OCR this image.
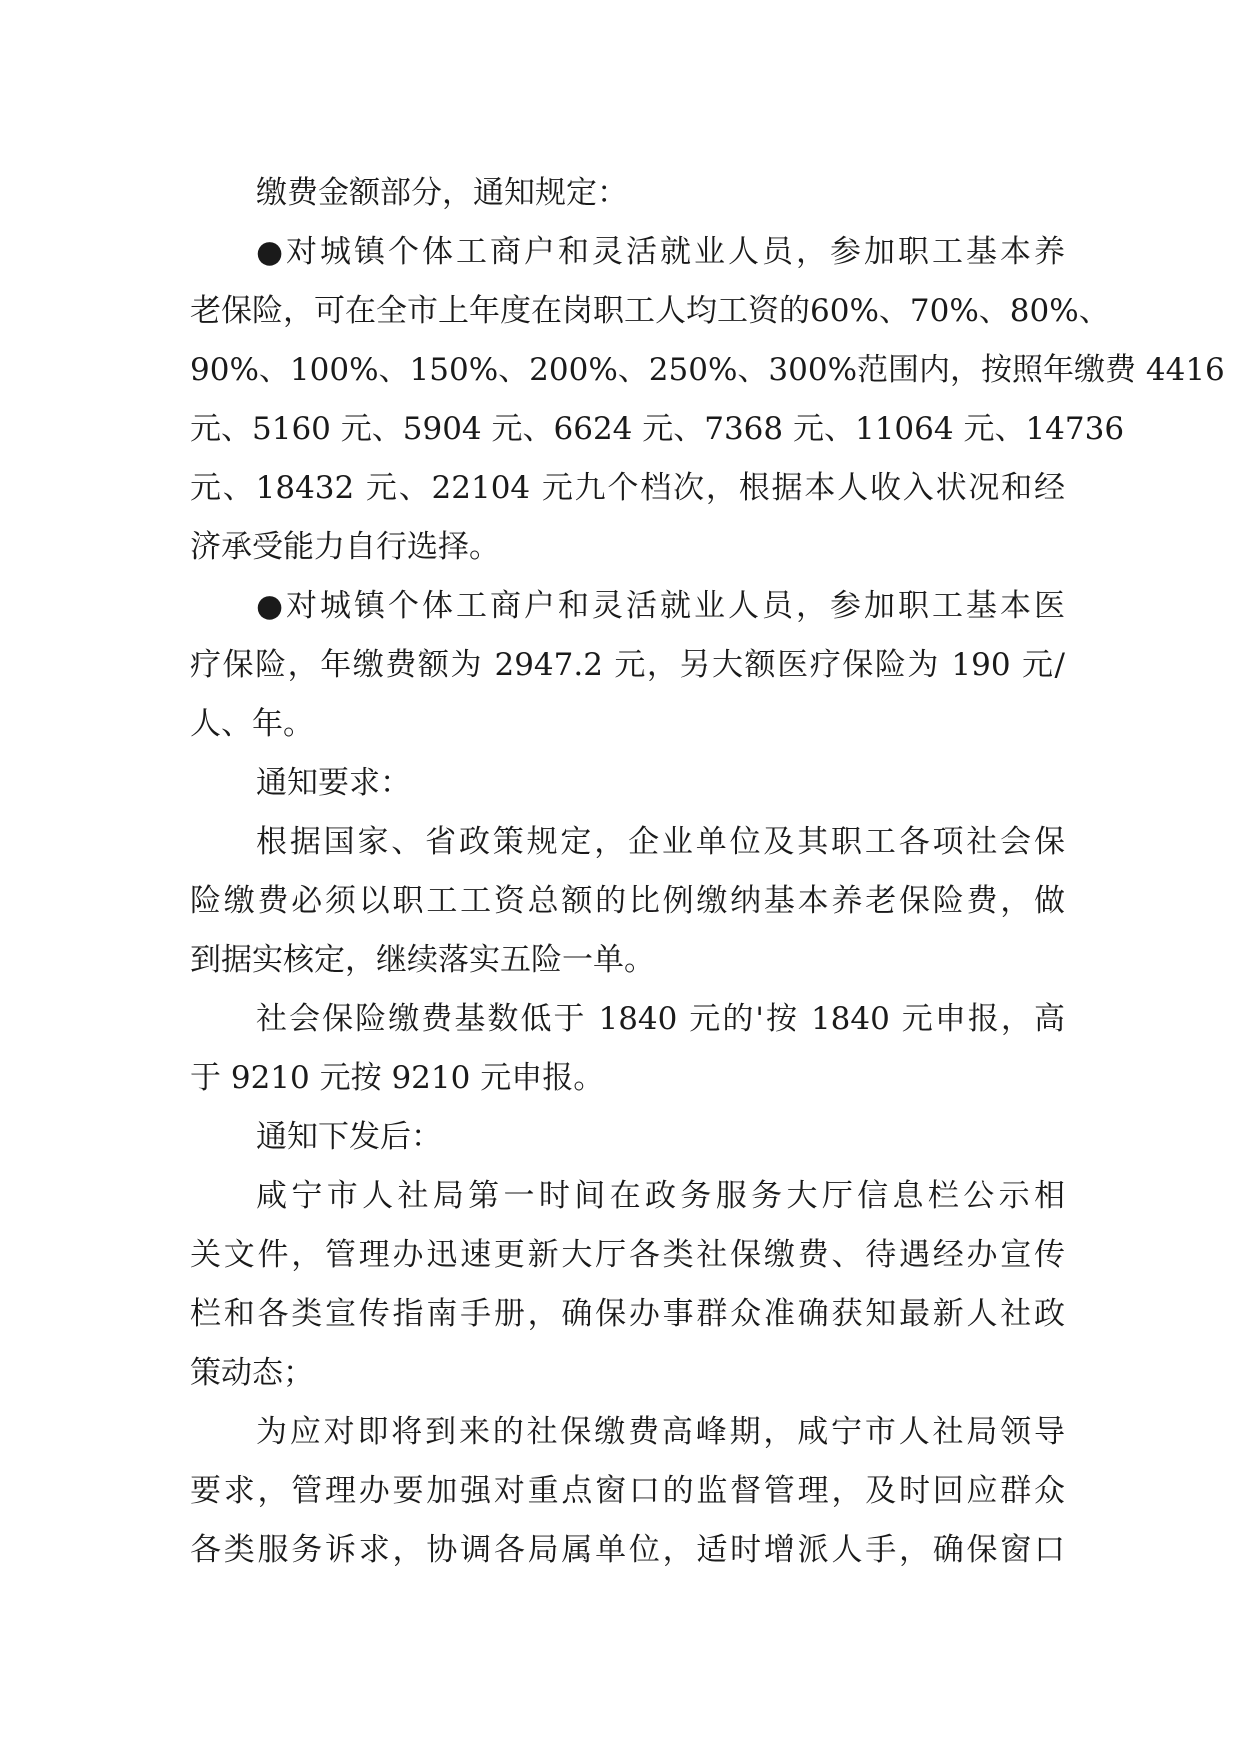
缴费金额部分，通知规定：
●对城镇个体工商户和灵活就业人员，参加职工基本养
老保险，可在全市上年度在岗职工人均工资的60%、70%、80%、
90%、100%、150%、200%、250%、300%范围内，按照年缴费 4416
元、5160 元、5904 元、6624 元、7368 元、11064 元、14736
元、18432 元、22104 元九个档次，根据本人收入状况和经
济承受能力自行选择。
●对城镇个体工商户和灵活就业人员，参加职工基本医
疗保险，年缴费额为 2947.2 元，另大额医疗保险为 190 元/
人、年。
通知要求：
根据国家、省政策规定，企业单位及其职工各项社会保
险缴费必须以职工工资总额的比例缴纳基本养老保险费，做
到据实核定，继续落实五险一单。
社会保险缴费基数低于 1840 元的'按 1840 元申报，高
于 9210 元按 9210 元申报。
通知下发后：
咸宁市人社局第一时间在政务服务大厅信息栏公示相
关文件，管理办迅速更新大厅各类社保缴费、待遇经办宣传
栏和各类宣传指南手册，确保办事群众准确获知最新人社政
策动态；
为应对即将到来的社保缴费高峰期，咸宁市人社局领导
要求，管理办要加强对重点窗口的监督管理，及时回应群众
各类服务诉求，协调各局属单位，适时增派人手，确保窗口
